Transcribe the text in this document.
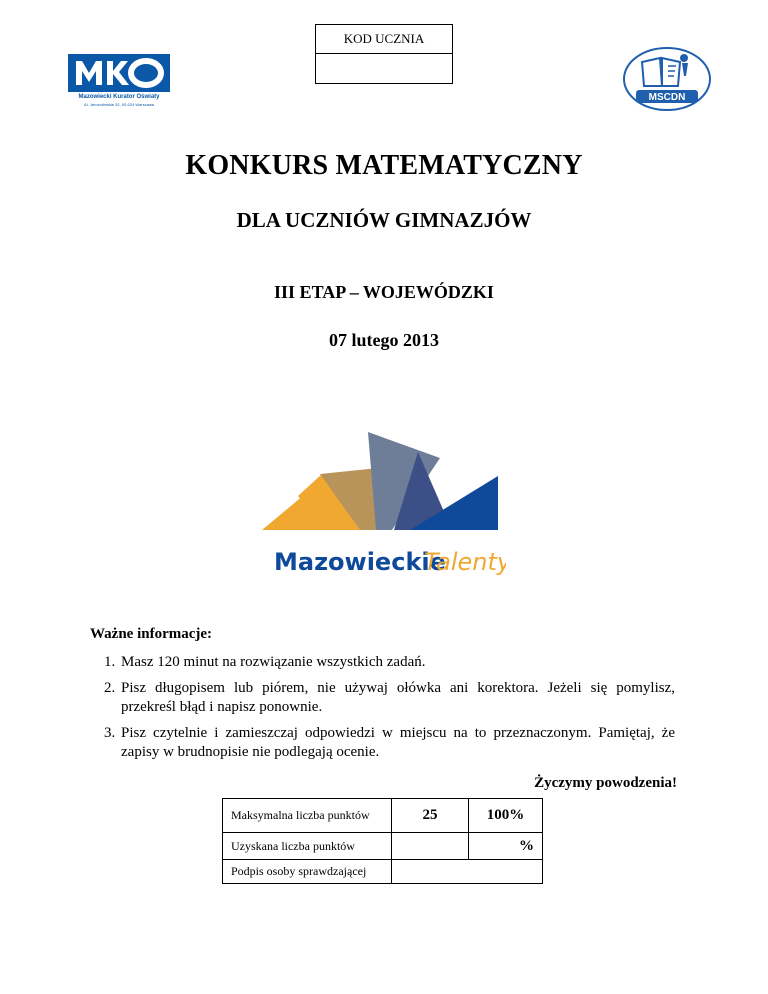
KOD UCZNIA
Mazowiecki Kurator Oświaty
Al. Jerozolimskie 32, 00-024 Warszawa
MSCDN
KONKURS MATEMATYCZNY
DLA UCZNIÓW GIMNAZJÓW
III ETAP – WOJEWÓDZKI
07 lutego 2013
Mazowieckie
Talenty
Ważne informacje:
1. Masz 120 minut na rozwiązanie wszystkich zadań.
2. Pisz długopisem lub piórem, nie używaj ołówka ani korektora. Jeżeli się pomylisz, przekreśl błąd i napisz ponownie.
3. Pisz czytelnie i zamieszczaj odpowiedzi w miejscu na to przeznaczonym. Pamiętaj, że zapisy w brudnopisie nie podlegają ocenie.
Życzymy powodzenia!
Maksymalna liczba punktów	25	100%
Uzyskana liczba punktów		%
Podpis osoby sprawdzającej		
